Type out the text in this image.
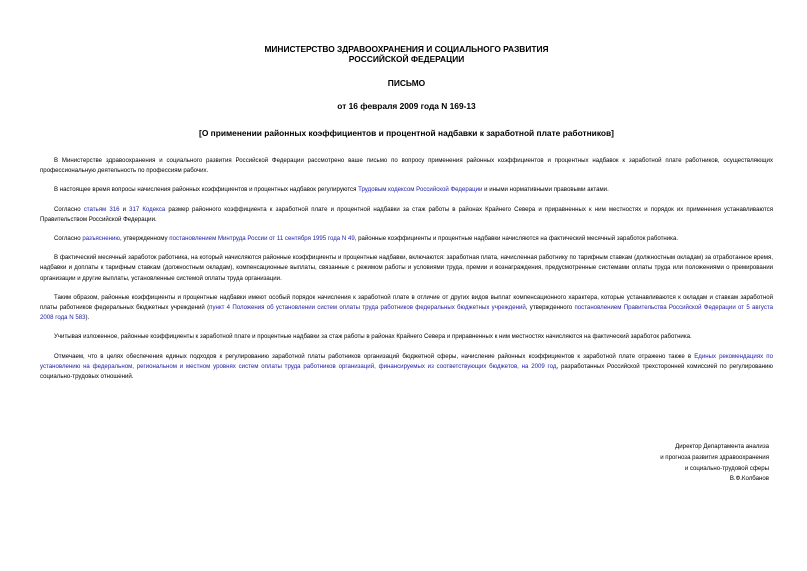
МИНИСТЕРСТВО ЗДРАВООХРАНЕНИЯ И СОЦИАЛЬНОГО РАЗВИТИЯ
РОССИЙСКОЙ ФЕДЕРАЦИИ
ПИСЬМО
от 16 февраля 2009 года N 169-13
[О применении районных коэффициентов и процентной надбавки к заработной плате работников]

В Министерстве здравоохранения и социального развития Российской Федерации рассмотрено ваше письмо по вопросу применения районных коэффициентов и процентных надбавок к заработной плате работников, осуществляющих профессиональную деятельность по профессиям рабочих.

В настоящее время вопросы начисления районных коэффициентов и процентных надбавок регулируются Трудовым кодексом Российской Федерации и иными нормативными правовыми актами.

Согласно статьям 316 и 317 Кодекса размер районного коэффициента к заработной плате и процентной надбавки за стаж работы в районах Крайнего Севера и приравненных к ним местностях и порядок их применения устанавливаются Правительством Российской Федерации.

Согласно разъяснению, утвержденному постановлением Минтруда России от 11 сентября 1995 года N 49, районные коэффициенты и процентные надбавки начисляются на фактический месячный заработок работника.

В фактический месячный заработок работника, на который начисляются районные коэффициенты и процентные надбавки, включаются: заработная плата, начисленная работнику по тарифным ставкам (должностным окладам) за отработанное время, надбавки и доплаты к тарифным ставкам (должностным окладам), компенсационные выплаты, связанные с режимом работы и условиями труда, премии и вознаграждения, предусмотренные системами оплаты труда или положениями о премировании организации и другие выплаты, установленные системой оплаты труда организации.

Таким образом, районные коэффициенты и процентные надбавки имеют особый порядок начисления к заработной плате в отличие от других видов выплат компенсационного характера, которые устанавливаются к окладам и ставкам заработной платы работников федеральных бюджетных учреждений (пункт 4 Положения об установлении систем оплаты труда работников федеральных бюджетных учреждений, утвержденного постановлением Правительства Российской Федерации от 5 августа 2008 года N 583).

Учитывая изложенное, районные коэффициенты к заработной плате и процентные надбавки за стаж работы в районах Крайнего Севера и приравненных к ним местностях начисляются на фактический заработок работника.

Отмечаем, что в целях обеспечения единых подходов к регулированию заработной платы работников организаций бюджетной сферы, начисление районных коэффициентов к заработной плате отражено также в Единых рекомендациях по установлению на федеральном, региональном и местном уровнях систем оплаты труда работников организаций, финансируемых из соответствующих бюджетов, на 2009 год, разработанных Российской трехсторонней комиссией по регулированию социально-трудовых отношений.

Директор Департамента анализа
и прогноза развития здравоохранения
и социально-трудовой сферы
В.Ф.Колбанов
